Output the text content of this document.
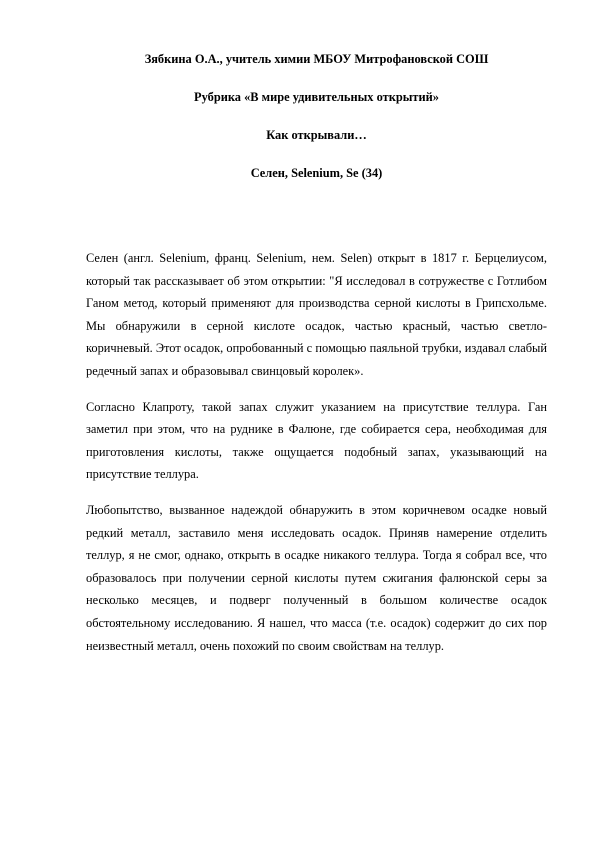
Зябкина О.А., учитель химии МБОУ Митрофановской СОШ
Рубрика «В мире удивительных открытий»
Как открывали…
Селен, Selenium, Se (34)

Селен (англ. Selenium, франц. Selenium, нем. Selen) открыт в 1817 г. Берцелиусом, который так рассказывает об этом открытии: "Я исследовал в сотружестве с Готлибом Ганом метод, который применяют для производства серной кислоты в Грипсхольме. Мы обнаружили в серной кислоте осадок, частью красный, частью светло-коричневый. Этот осадок, опробованный с помощью паяльной трубки, издавал слабый редечный запах и образовывал свинцовый королек».

Согласно Клапроту, такой запах служит указанием на присутствие теллура. Ган заметил при этом, что на руднике в Фалюне, где собирается сера, необходимая для приготовления кислоты, также ощущается подобный запах, указывающий на присутствие теллура.

Любопытство, вызванное надеждой обнаружить в этом коричневом осадке новый редкий металл, заставило меня исследовать осадок. Приняв намерение отделить теллур, я не смог, однако, открыть в осадке никакого теллура. Тогда я собрал все, что образовалось при получении серной кислоты путем сжигания фалюнской серы за несколько месяцев, и подверг полученный в большом количестве осадок обстоятельному исследованию. Я нашел, что масса (т.е. осадок) содержит до сих пор неизвестный металл, очень похожий по своим свойствам на теллур.
